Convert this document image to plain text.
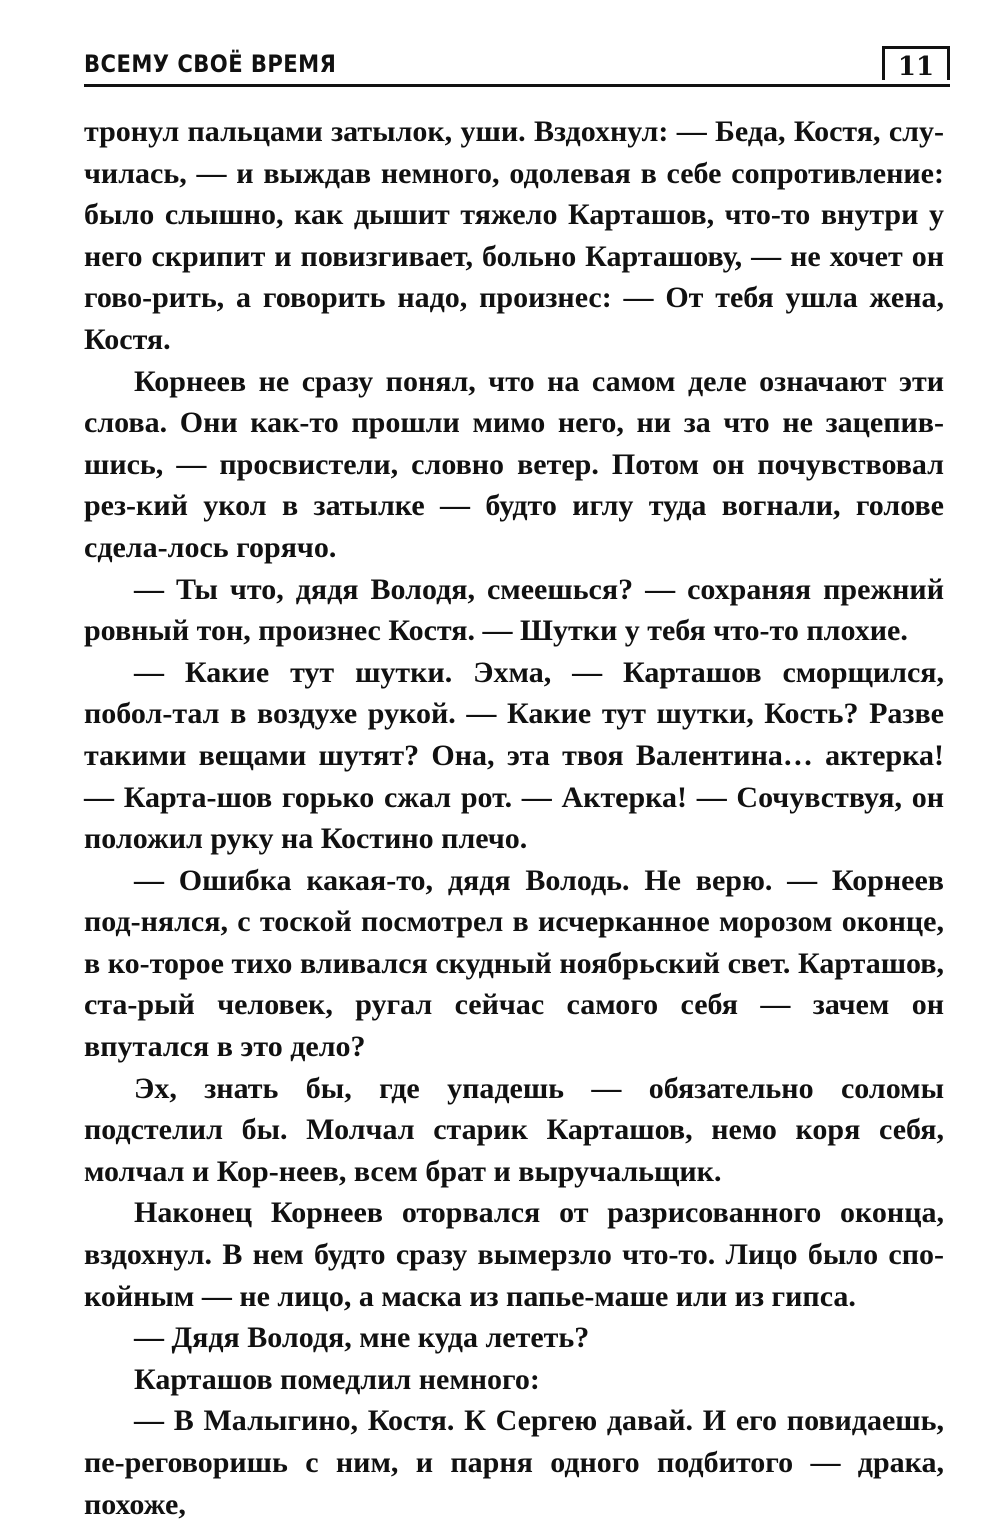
ВСЕМУ СВОЁ ВРЕМЯ	11

тронул пальцами затылок, уши. Вздохнул: — Беда, Костя, слу-чилась, — и выждав немного, одолевая в себе сопротивление: было слышно, как дышит тяжело Карташов, что-то внутри у него скрипит и повизгивает, больно Карташову, — не хочет он гово-рить, а говорить надо, произнес: — От тебя ушла жена, Костя.

Корнеев не сразу понял, что на самом деле означают эти слова. Они как-то прошли мимо него, ни за что не зацепив-шись, — просвистели, словно ветер. Потом он почувствовал рез-кий укол в затылке — будто иглу туда вогнали, голове сдела-лось горячо.

— Ты что, дядя Володя, смеешься? — сохраняя прежний ровный тон, произнес Костя. — Шутки у тебя что-то плохие.

— Какие тут шутки. Эхма, — Карташов сморщился, побол-тал в воздухе рукой. — Какие тут шутки, Кость? Разве такими вещами шутят? Она, эта твоя Валентина… актерка! — Карта-шов горько сжал рот. — Актерка! — Сочувствуя, он положил руку на Костино плечо.

— Ошибка какая-то, дядя Володь. Не верю. — Корнеев под-нялся, с тоской посмотрел в исчерканное морозом оконце, в ко-торое тихо вливался скудный ноябрьский свет. Карташов, ста-рый человек, ругал сейчас самого себя — зачем он впутался в это дело?

Эх, знать бы, где упадешь — обязательно соломы подстелил бы. Молчал старик Карташов, немо коря себя, молчал и Кор-неев, всем брат и выручальщик.

Наконец Корнеев оторвался от разрисованного оконца, вздохнул. В нем будто сразу вымерзло что-то. Лицо было спо-койным — не лицо, а маска из папье-маше или из гипса.

— Дядя Володя, мне куда лететь?

Карташов помедлил немного:

— В Малыгино, Костя. К Сергею давай. И его повидаешь, пе-реговоришь с ним, и парня одного подбитого — драка, похоже,
